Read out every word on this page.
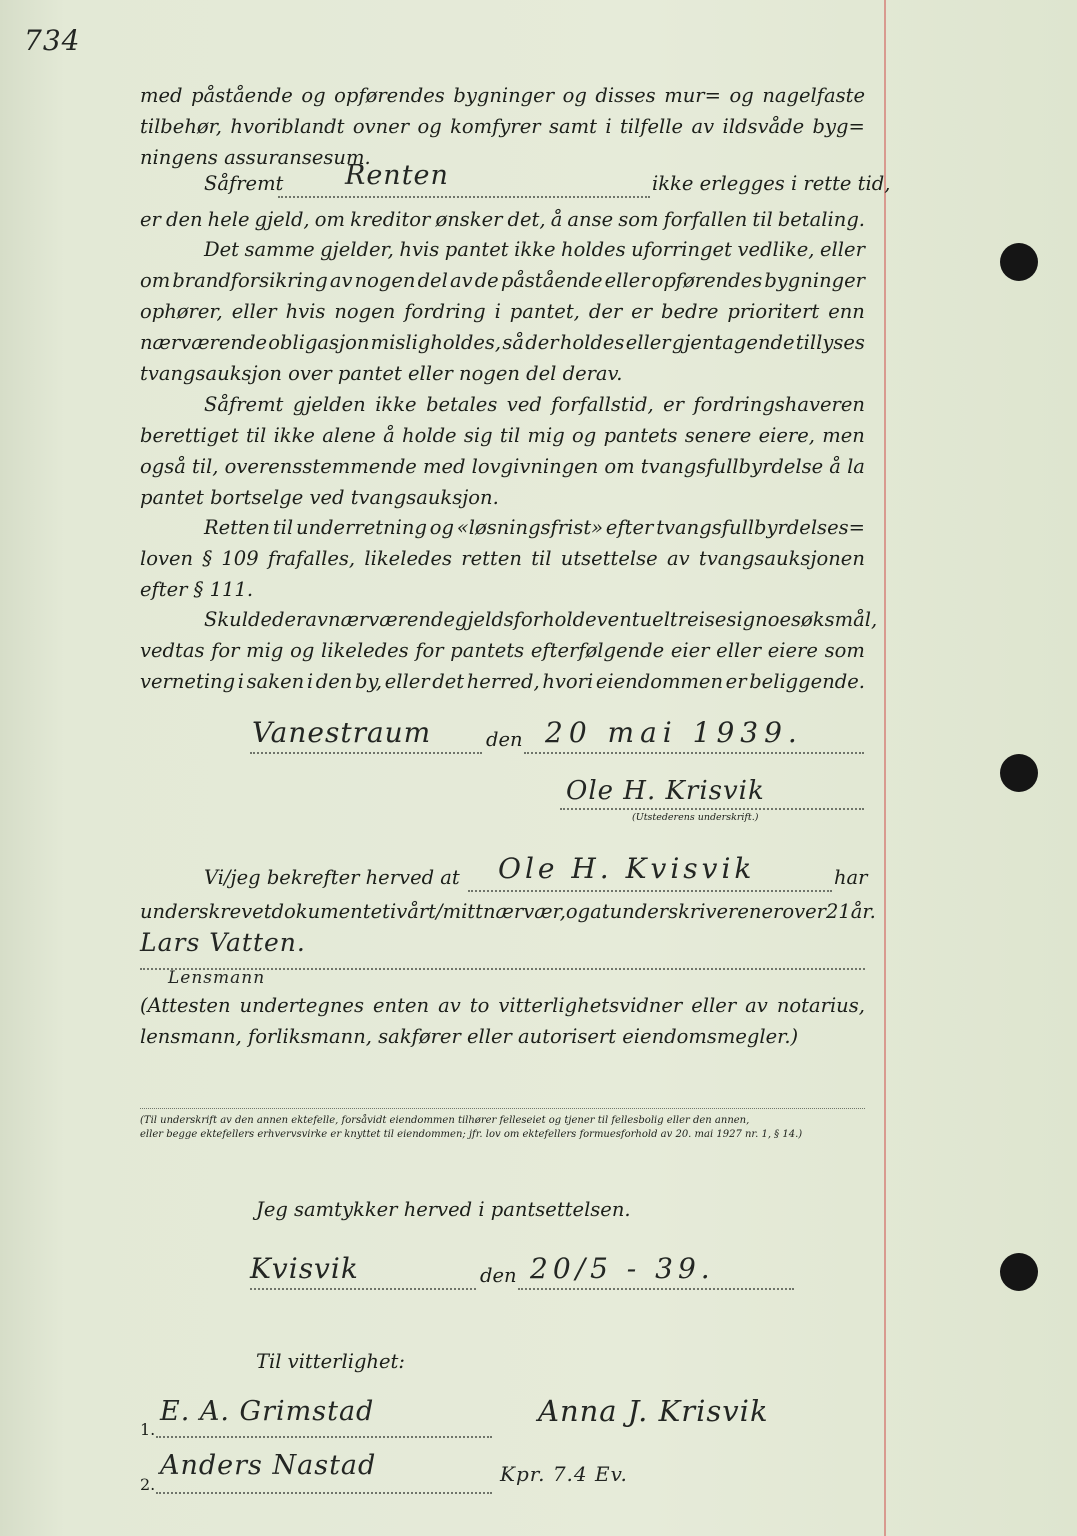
734
med påstående og opførendes bygninger og disses mur= og nagelfaste
tilbehør, hvoriblandt ovner og komfyrer samt i tilfelle av ildsvåde byg=
ningens assuransesum.
Såfremt Renten	ikke erlegges i rette tid,
er den hele gjeld, om kreditor ønsker det, å anse som forfallen til betaling.
Det samme gjelder, hvis pantet ikke holdes uforringet vedlike, eller
om brandforsikring av nogen del av de påstående eller opførendes bygninger
ophører, eller hvis nogen fordring i pantet, der er bedre prioritert enn
nærværende obligasjon misligholdes, så der holdes eller gjentagende tillyses
tvangsauksjon over pantet eller nogen del derav.
Såfremt gjelden ikke betales ved forfallstid, er fordringshaveren
berettiget til ikke alene å holde sig til mig og pantets senere eiere, men
også til, overensstemmende med lovgivningen om tvangsfullbyrdelse å la
pantet bortselge ved tvangsauksjon.
Retten til underretning og «løsningsfrist» efter tvangsfullbyrdelses=
loven § 109 frafalles, likeledes retten til utsettelse av tvangsauksjonen
efter § 111.
Skulde der av nærværende gjeldsforhold eventuelt reise sig noe søksmål,
vedtas for mig og likeledes for pantets efterfølgende eier eller eiere som
verneting i saken i den by, eller det herred, hvori eiendommen er beliggende.
Vanestraum	den 20 mai 1939.
Ole H. Krisvik
(Utstederens underskrift.)
Vi/jeg bekrefter herved at Ole H. Kvisvik	har
underskrevet dokumentet i vårt/mitt nærvær, og at underskriveren er over 21 år.
Lars Vatten.
Lensmann
(Attesten undertegnes enten av to vitterlighetsvidner eller av notarius,
lensmann, forliksmann, sakfører eller autorisert eiendomsmegler.)
(Til underskrift av den annen ektefelle, forsåvidt eiendommen tilhører felleseiet og tjener til fellesbolig eller den annen,
eller begge ektefellers erhvervsvirke er knyttet til eiendommen; jfr. lov om ektefellers formuesforhold av 20. mai 1927 nr. 1, § 14.)
Jeg samtykker herved i pantsettelsen.
Kvisvik	den 20/5 - 39.
Til vitterlighet:
1.
E. A. Grimstad	Anna J. Krisvik
2.
Anders Nastad	Kpr. 7.4 Ev.
